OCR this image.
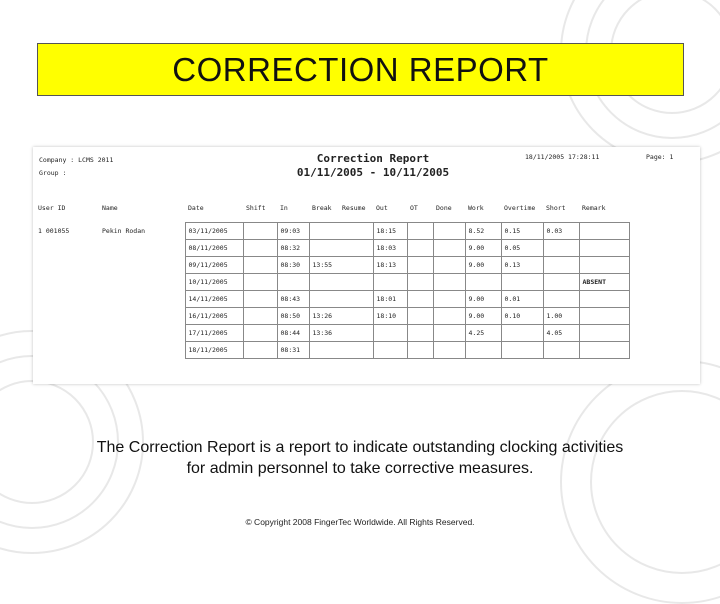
CORRECTION REPORT
Company : LCMS 2011
Group :
Correction Report
01/11/2005 - 10/11/2005
18/11/2005 17:28:11	Page: 1
User ID	Name	Date	Shift	In	Break	Resume	Out	OT	Done	Work	Overtime	Short	Remark

1 001055	Pekin Rodan	03/11/2005		09:03			18:15			8.52	0.15	0.03	
		08/11/2005		08:32			18:03			9.00	0.05		
		09/11/2005		08:30	13:55		18:13			9.00	0.13		
		10/11/2005											ABSENT
		14/11/2005		08:43			18:01			9.00	0.01		
		16/11/2005		08:50	13:26		18:10			9.00	0.10	1.00	
		17/11/2005		08:44	13:36					4.25		4.05	
		18/11/2005		08:31									
The Correction Report is a report to indicate outstanding clocking activities
for admin personnel to take corrective measures.
© Copyright 2008 FingerTec Worldwide. All Rights Reserved.
